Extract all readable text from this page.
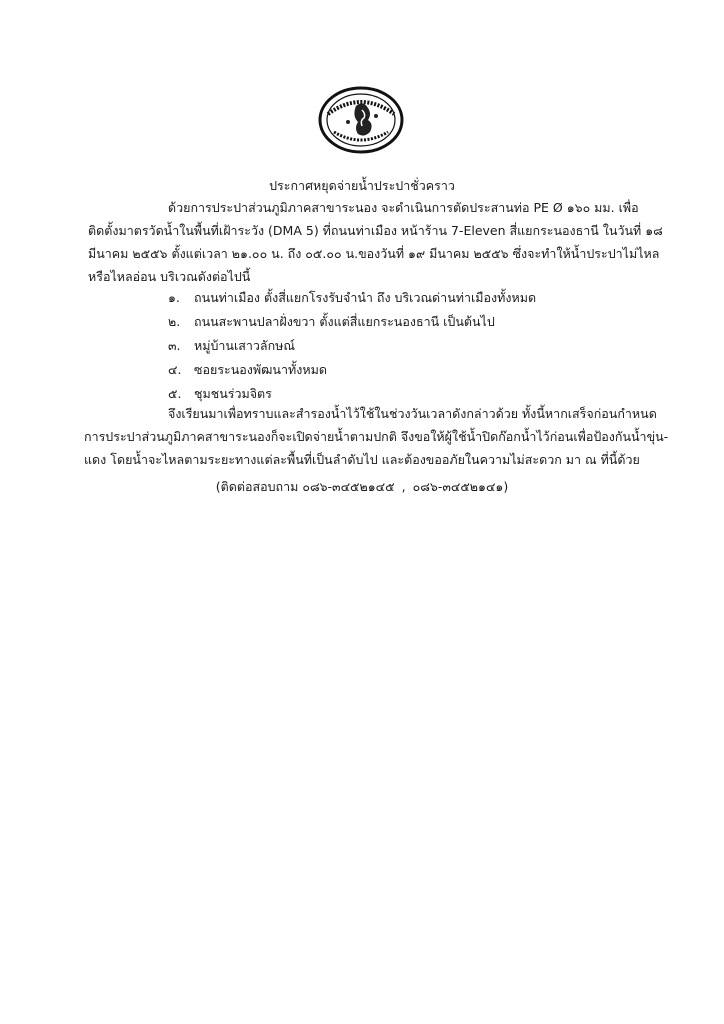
ประกาศหยุดจ่ายน้ำประปาชั่วคราว
ด้วยการประปาส่วนภูมิภาคสาขาระนอง จะดำเนินการตัดประสานท่อ PE Ø ๑๖๐ มม. เพื่อ
ติดตั้งมาตรวัดน้ำในพื้นที่เฝ้าระวัง (DMA 5) ที่ถนนท่าเมือง หน้าร้าน 7-Eleven สี่แยกระนองธานี ในวันที่ ๑๘
มีนาคม ๒๕๕๖ ตั้งแต่เวลา ๒๑.๐๐ น. ถึง ๐๕.๐๐ น.ของวันที่ ๑๙ มีนาคม ๒๕๕๖ ซึ่งจะทำให้น้ำประปาไม่ไหล
หรือไหลอ่อน บริเวณดังต่อไปนี้
๑. ถนนท่าเมือง ตั้งสี่แยกโรงรับจำนำ ถึง บริเวณด่านท่าเมืองทั้งหมด
๒. ถนนสะพานปลาฝั่งขวา ตั้งแต่สี่แยกระนองธานี เป็นต้นไป
๓. หมู่บ้านเสาวลักษณ์
๔. ซอยระนองพัฒนาทั้งหมด
๕. ชุมชนร่วมจิตร
จึงเรียนมาเพื่อทราบและสำรองน้ำไว้ใช้ในช่วงวันเวลาดังกล่าวด้วย ทั้งนี้หากเสร็จก่อนกำหนด
การประปาส่วนภูมิภาคสาขาระนองก็จะเปิดจ่ายน้ำตามปกติ จึงขอให้ผู้ใช้น้ำปิดก๊อกน้ำไว้ก่อนเพื่อป้องกันน้ำขุ่น-
แดง โดยน้ำจะไหลตามระยะทางแต่ละพื้นที่เป็นลำดับไป และต้องขออภัยในความไม่สะดวก มา ณ ที่นี้ด้วย
(ติดต่อสอบถาม ๐๘๖-๓๔๕๒๑๔๕ , ๐๘๖-๓๔๕๒๑๔๑)
